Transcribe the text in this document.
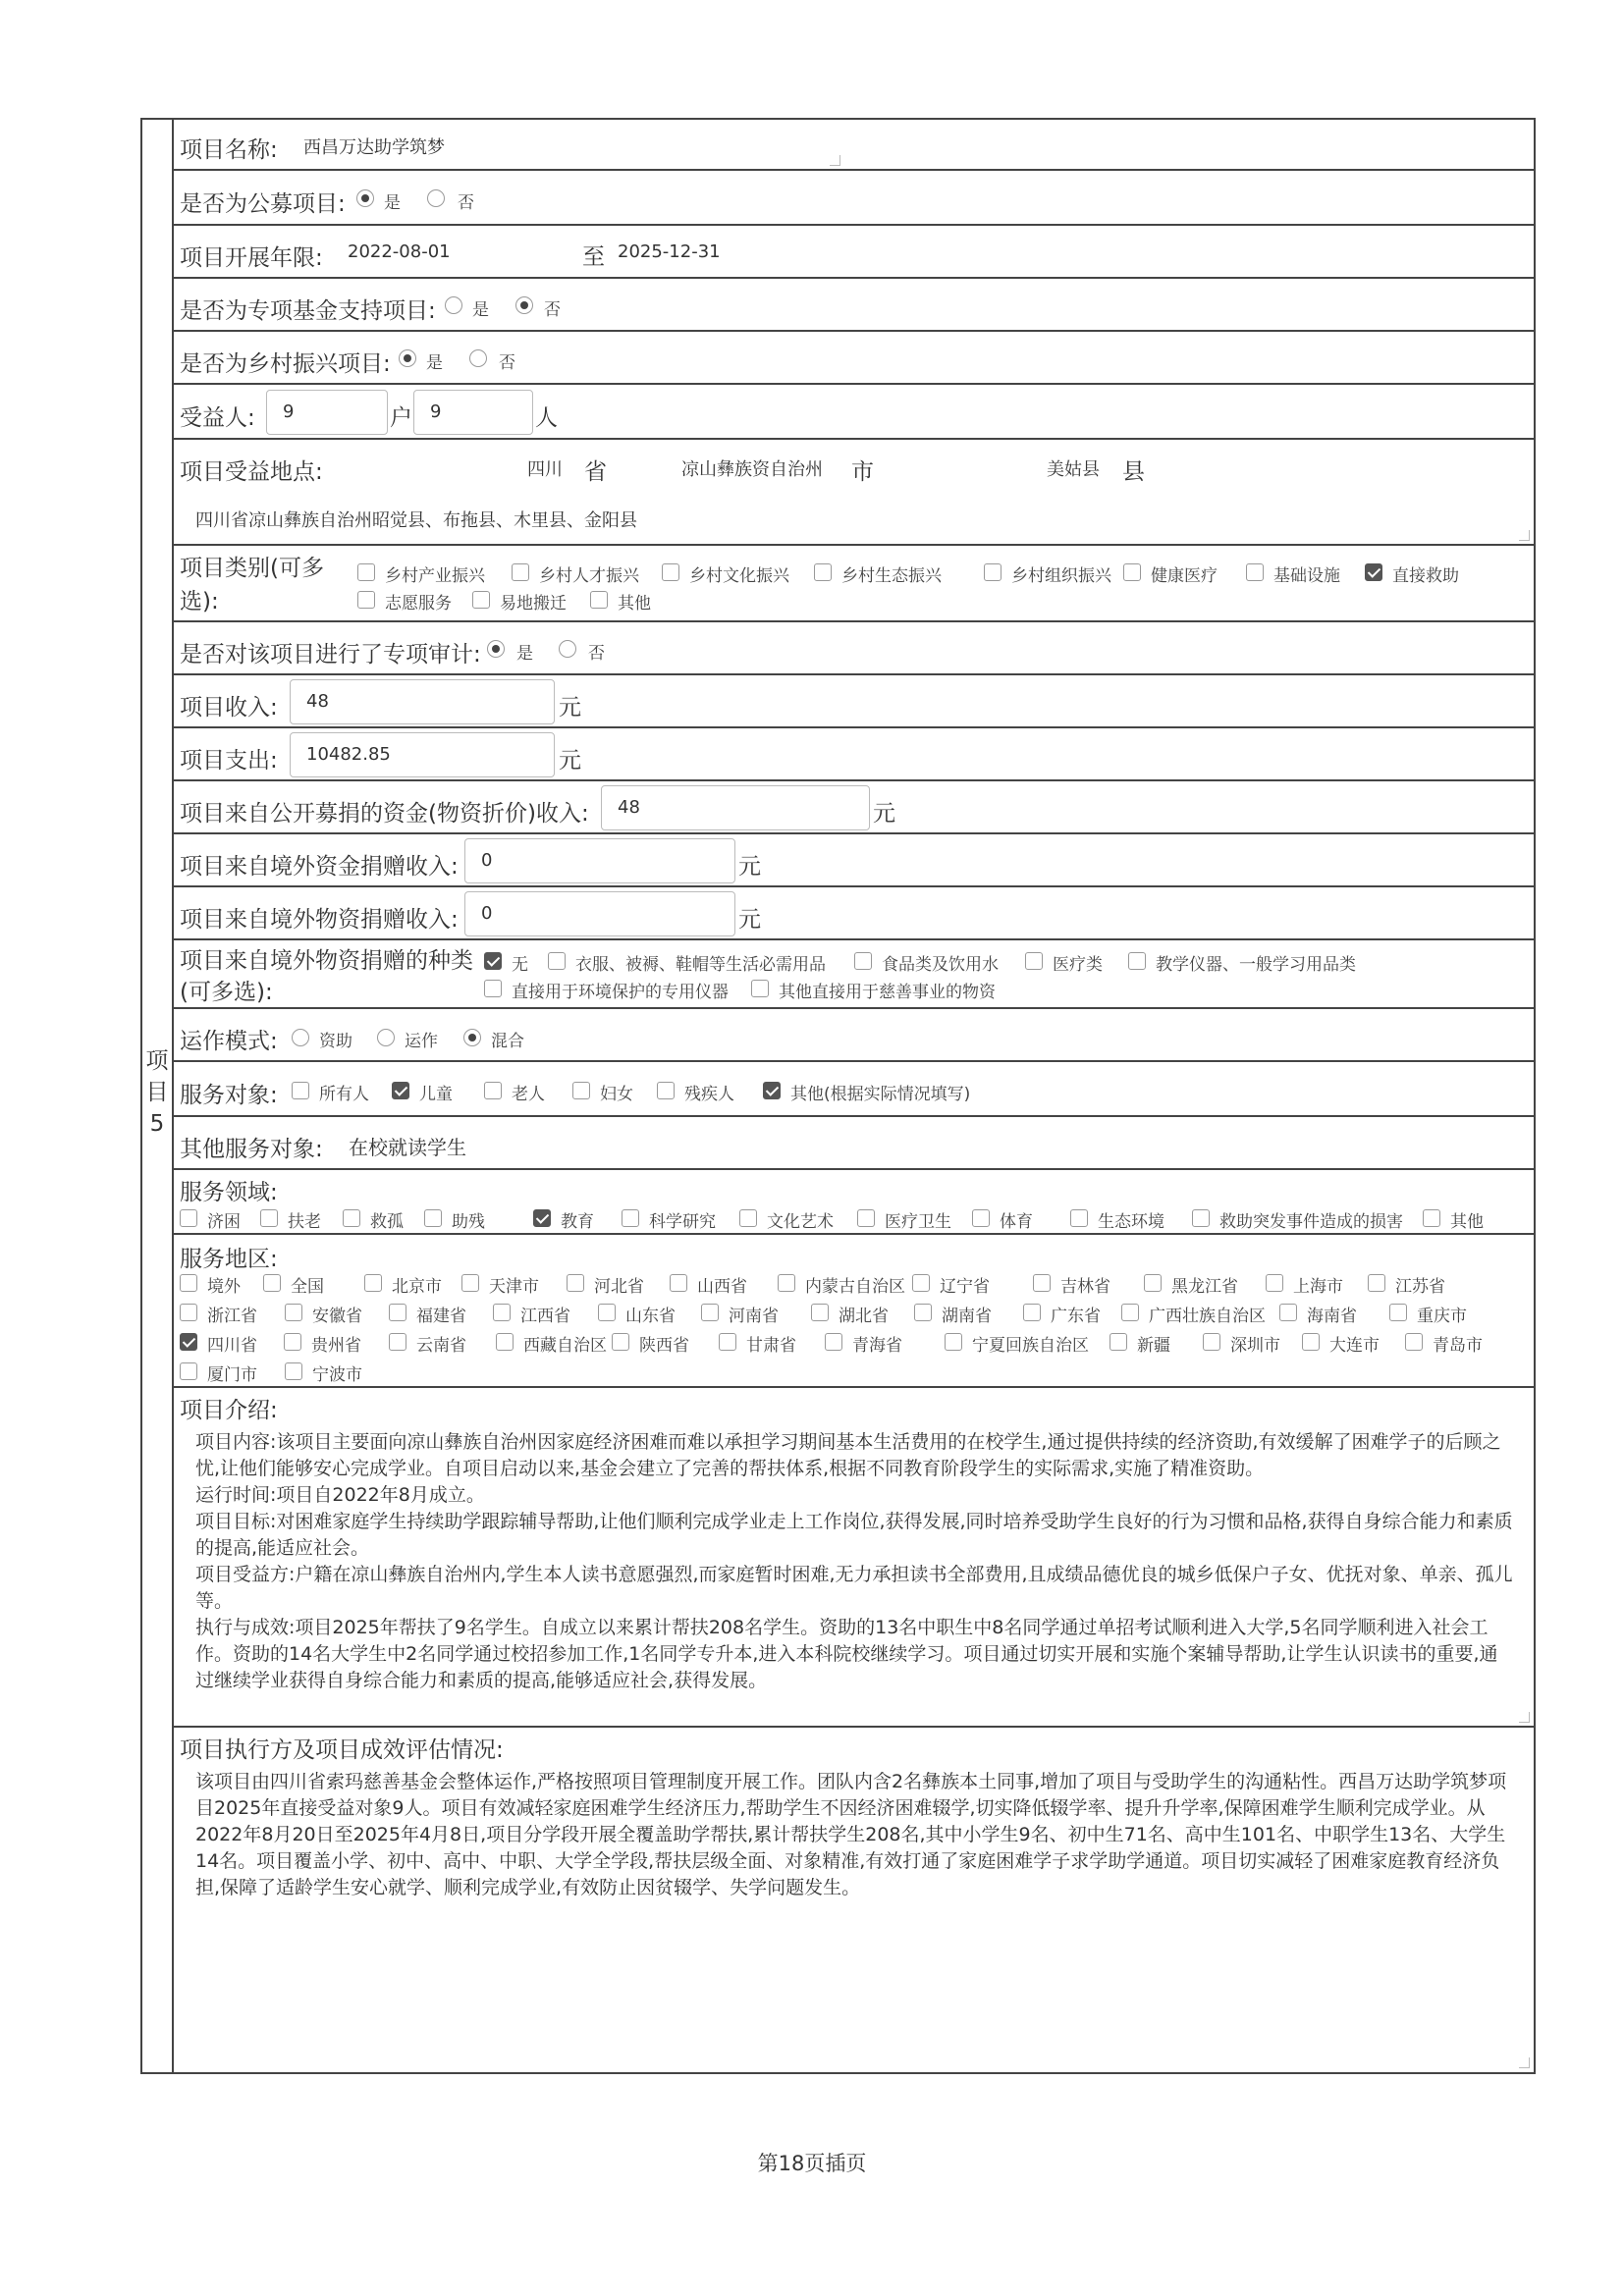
项目5
项目名称: 西昌万达助学筑梦
是否为公募项目: 是	否
项目开展年限: 2022-08-01	至 2025-12-31
是否为专项基金支持项目: 是	否
是否为乡村振兴项目: 是	否
受益人:	9	户	9	人
项目受益地点:	四川 省	凉山彝族资自治州 市	美姑县 县
四川省凉山彝族自治州昭觉县、布拖县、木里县、金阳县
项目类别(可多
选):
乡村产业振兴	乡村人才振兴	乡村文化振兴	乡村生态振兴	乡村组织振兴 健康医疗	基础设施	直接救助
志愿服务	易地搬迁	其他
是否对该项目进行了专项审计: 是	否
项目收入:	48	元
项目支出:	10482.85	元
项目来自公开募捐的资金(物资折价)收入:	48	元
项目来自境外资金捐赠收入:	0	元
项目来自境外物资捐赠收入:	0	元
项目来自境外物资捐赠的种类
(可多选):
无	衣服、被褥、鞋帽等生活必需用品	食品类及饮用水	医疗类	教学仪器、一般学习用品类
直接用于环境保护的专用仪器	其他直接用于慈善事业的物资
运作模式: 资助	运作	混合
服务对象: 所有人	儿童	老人	妇女	残疾人	其他(根据实际情况填写)
其他服务对象: 在校就读学生
服务领域:
济困	扶老	救孤	助残	教育	科学研究	文化艺术	医疗卫生	体育	生态环境	救助突发事件造成的损害	其他
服务地区:
境外	全国	北京市	天津市	河北省	山西省	内蒙古自治区 辽宁省	吉林省	黑龙江省	上海市	江苏省
浙江省	安徽省	福建省	江西省	山东省	河南省	湖北省	湖南省	广东省	广西壮族自治区 海南省	重庆市
四川省	贵州省	云南省	西藏自治区 陕西省	甘肃省	青海省	宁夏回族自治区	新疆	深圳市	大连市	青岛市
厦门市	宁波市
项目介绍:

项目内容:该项目主要面向凉山彝族自治州因家庭经济困难而难以承担学习期间基本生活费用的在校学生,通过提供持续的经济资助,有效缓解了困难学子的后顾之忧,让他们能够安心完成学业。自项目启动以来,基金会建立了完善的帮扶体系,根据不同教育阶段学生的实际需求,实施了精准资助。

运行时间:项目自2022年8月成立。

项目目标:对困难家庭学生持续助学跟踪辅导帮助,让他们顺利完成学业走上工作岗位,获得发展,同时培养受助学生良好的行为习惯和品格,获得自身综合能力和素质的提高,能适应社会。

项目受益方:户籍在凉山彝族自治州内,学生本人读书意愿强烈,而家庭暂时困难,无力承担读书全部费用,且成绩品德优良的城乡低保户子女、优抚对象、单亲、孤儿等。

执行与成效:项目2025年帮扶了9名学生。自成立以来累计帮扶208名学生。资助的13名中职生中8名同学通过单招考试顺利进入大学,5名同学顺利进入社会工作。资助的14名大学生中2名同学通过校招参加工作,1名同学专升本,进入本科院校继续学习。项目通过切实开展和实施个案辅导帮助,让学生认识读书的重要,通过继续学业获得自身综合能力和素质的提高,能够适应社会,获得发展。

项目执行方及项目成效评估情况:

该项目由四川省索玛慈善基金会整体运作,严格按照项目管理制度开展工作。团队内含2名彝族本土同事,增加了项目与受助学生的沟通粘性。西昌万达助学筑梦项目2025年直接受益对象9人。项目有效减轻家庭困难学生经济压力,帮助学生不因经济困难辍学,切实降低辍学率、提升升学率,保障困难学生顺利完成学业。从2022年8月20日至2025年4月8日,项目分学段开展全覆盖助学帮扶,累计帮扶学生208名,其中小学生9名、初中生71名、高中生101名、中职学生13名、大学生14名。项目覆盖小学、初中、高中、中职、大学全学段,帮扶层级全面、对象精准,有效打通了家庭困难学子求学助学通道。项目切实减轻了困难家庭教育经济负担,保障了适龄学生安心就学、顺利完成学业,有效防止因贫辍学、失学问题发生。

第18页插页
